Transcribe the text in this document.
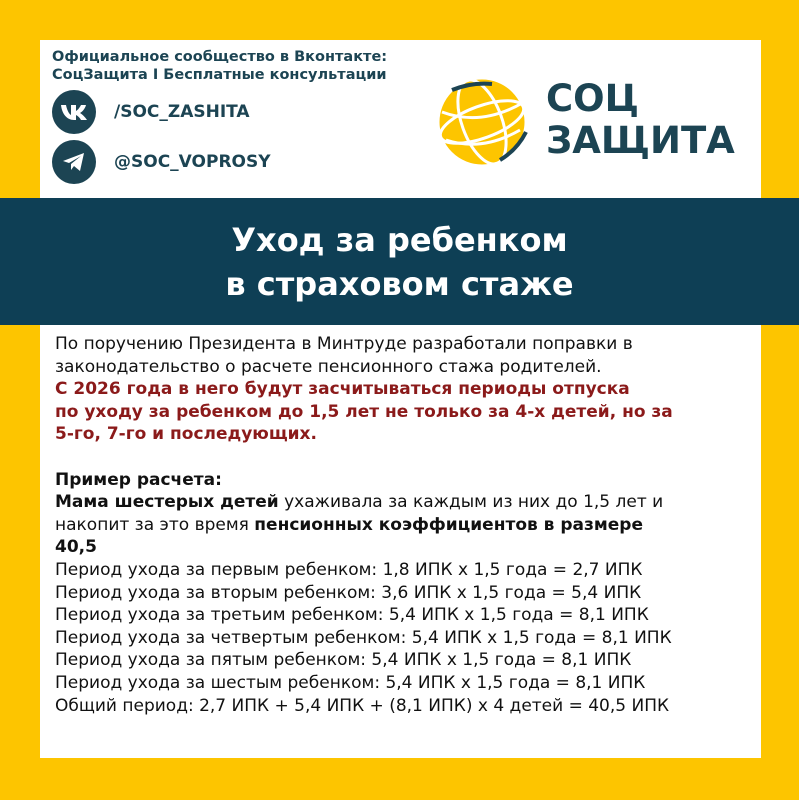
Официальное сообщество в Вконтакте:
СоцЗащита I Бесплатные консультации
/SOC_ZASHITA
@SOC_VOPROSY
СОЦ
ЗАЩИТА
По поручению Президента в Минтруде разработали поправки в
законодательство о расчете пенсионного стажа родителей.
С 2026 года в него будут засчитываться периоды отпуска
по уходу за ребенком до 1,5 лет не только за 4-х детей, но за
5-го, 7-го и последующих.
Пример расчета:
Мама шестерых детей ухаживала за каждым из них до 1,5 лет и
накопит за это время пенсионных коэффициентов в размере
40,5
Период ухода за первым ребенком: 1,8 ИПК x 1,5 года = 2,7 ИПК
Период ухода за вторым ребенком: 3,6 ИПК x 1,5 года = 5,4 ИПК
Период ухода за третьим ребенком: 5,4 ИПК x 1,5 года = 8,1 ИПК
Период ухода за четвертым ребенком: 5,4 ИПК x 1,5 года = 8,1 ИПК
Период ухода за пятым ребенком: 5,4 ИПК x 1,5 года = 8,1 ИПК
Период ухода за шестым ребенком: 5,4 ИПК x 1,5 года = 8,1 ИПК
Общий период: 2,7 ИПК + 5,4 ИПК + (8,1 ИПК) х 4 детей = 40,5 ИПК
Уход за ребенком
в страховом стаже
